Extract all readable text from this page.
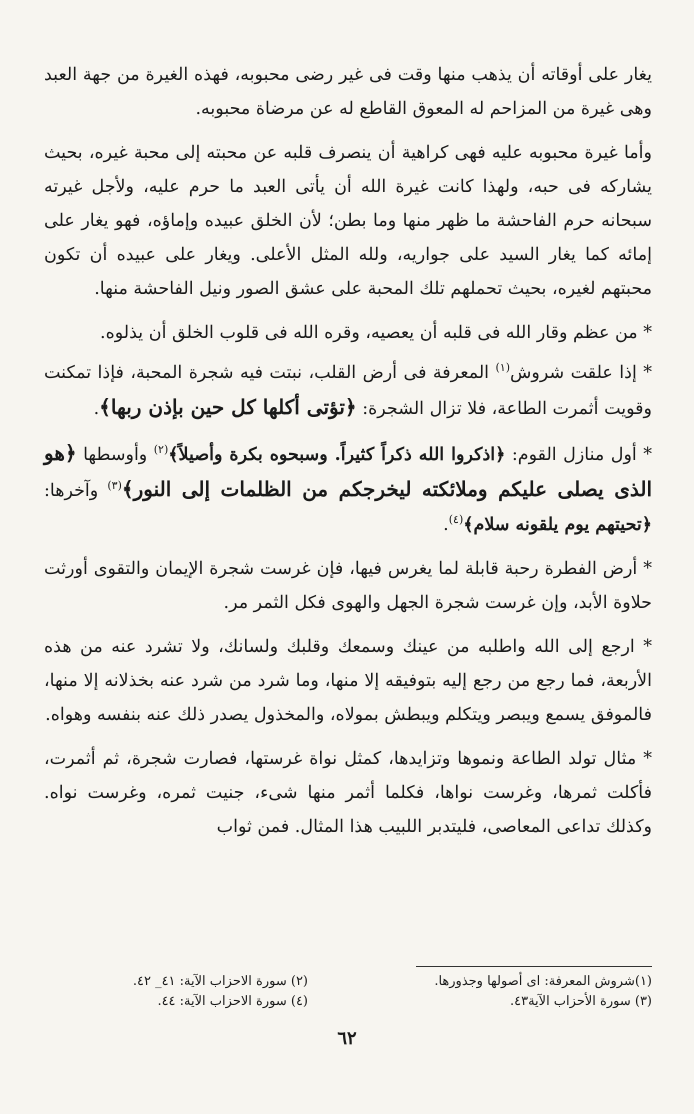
يغار على أوقاته أن يذهب منها وقت فى غير رضى محبوبه، فهذه الغيرة من جهة العبد وهى غيرة من المزاحم له المعوق القاطع له عن مرضاة محبوبه.

وأما غيرة محبوبه عليه فهى كراهية أن ينصرف قلبه عن محبته إلى محبة غيره، بحيث يشاركه فى حبه، ولهذا كانت غيرة الله أن يأتى العبد ما حرم عليه، ولأجل غيرته سبحانه حرم الفاحشة ما ظهر منها وما بطن؛ لأن الخلق عبيده وإماؤه، فهو يغار على إمائه كما يغار السيد على جواريه، ولله المثل الأعلى. ويغار على عبيده أن تكون محبتهم لغيره، بحيث تحملهم تلك المحبة على عشق الصور ونيل الفاحشة منها.

* من عظم وقار الله فى قلبه أن يعصيه، وقره الله فى قلوب الخلق أن يذلوه.

* إذا علقت شروش$^{(١)}$ المعرفة فى أرض القلب، نبتت فيه شجرة المحبة، فإذا تمكنت وقويت أثمرت الطاعة، فلا تزال الشجرة: ﴿تؤتى أكلها كل حين بإذن ربها﴾.

* أول منازل القوم: ﴿اذكروا الله ذكراً كثيراً. وسبحوه بكرة وأصيلاً﴾$^{(٢)}$ وأوسطها ﴿هو الذى يصلى عليكم وملائكته ليخرجكم من الظلمات إلى النور﴾$^{(٣)}$ وآخرها: ﴿تحيتهم يوم يلقونه سلام﴾$^{(٤)}$.

* أرض الفطرة رحبة قابلة لما يغرس فيها، فإن غرست شجرة الإيمان والتقوى أورثت حلاوة الأبد، وإن غرست شجرة الجهل والهوى فكل الثمر مر.

* ارجع إلى الله واطلبه من عينك وسمعك وقلبك ولسانك، ولا تشرد عنه من هذه الأربعة، فما رجع من رجع إليه بتوفيقه إلا منها، وما شرد من شرد عنه بخذلانه إلا منها، فالموفق يسمع ويبصر ويتكلم ويبطش بمولاه، والمخذول يصدر ذلك عنه بنفسه وهواه.

* مثال تولد الطاعة ونموها وتزايدها، كمثل نواة غرستها، فصارت شجرة، ثم أثمرت، فأكلت ثمرها، وغرست نواها، فكلما أثمر منها شىء، جنيت ثمره، وغرست نواه. وكذلك تداعى المعاصى، فليتدبر اللبيب هذا المثال. فمن ثواب

(١)شروش المعرفة: اى أصولها وجذورها.
(٢) سورة الاحزاب الآية: ٤١_ ٤٢.
(٣) سورة الأحزاب الآية٤٣.
(٤) سورة الاحزاب الآية: ٤٤.
٦٢
